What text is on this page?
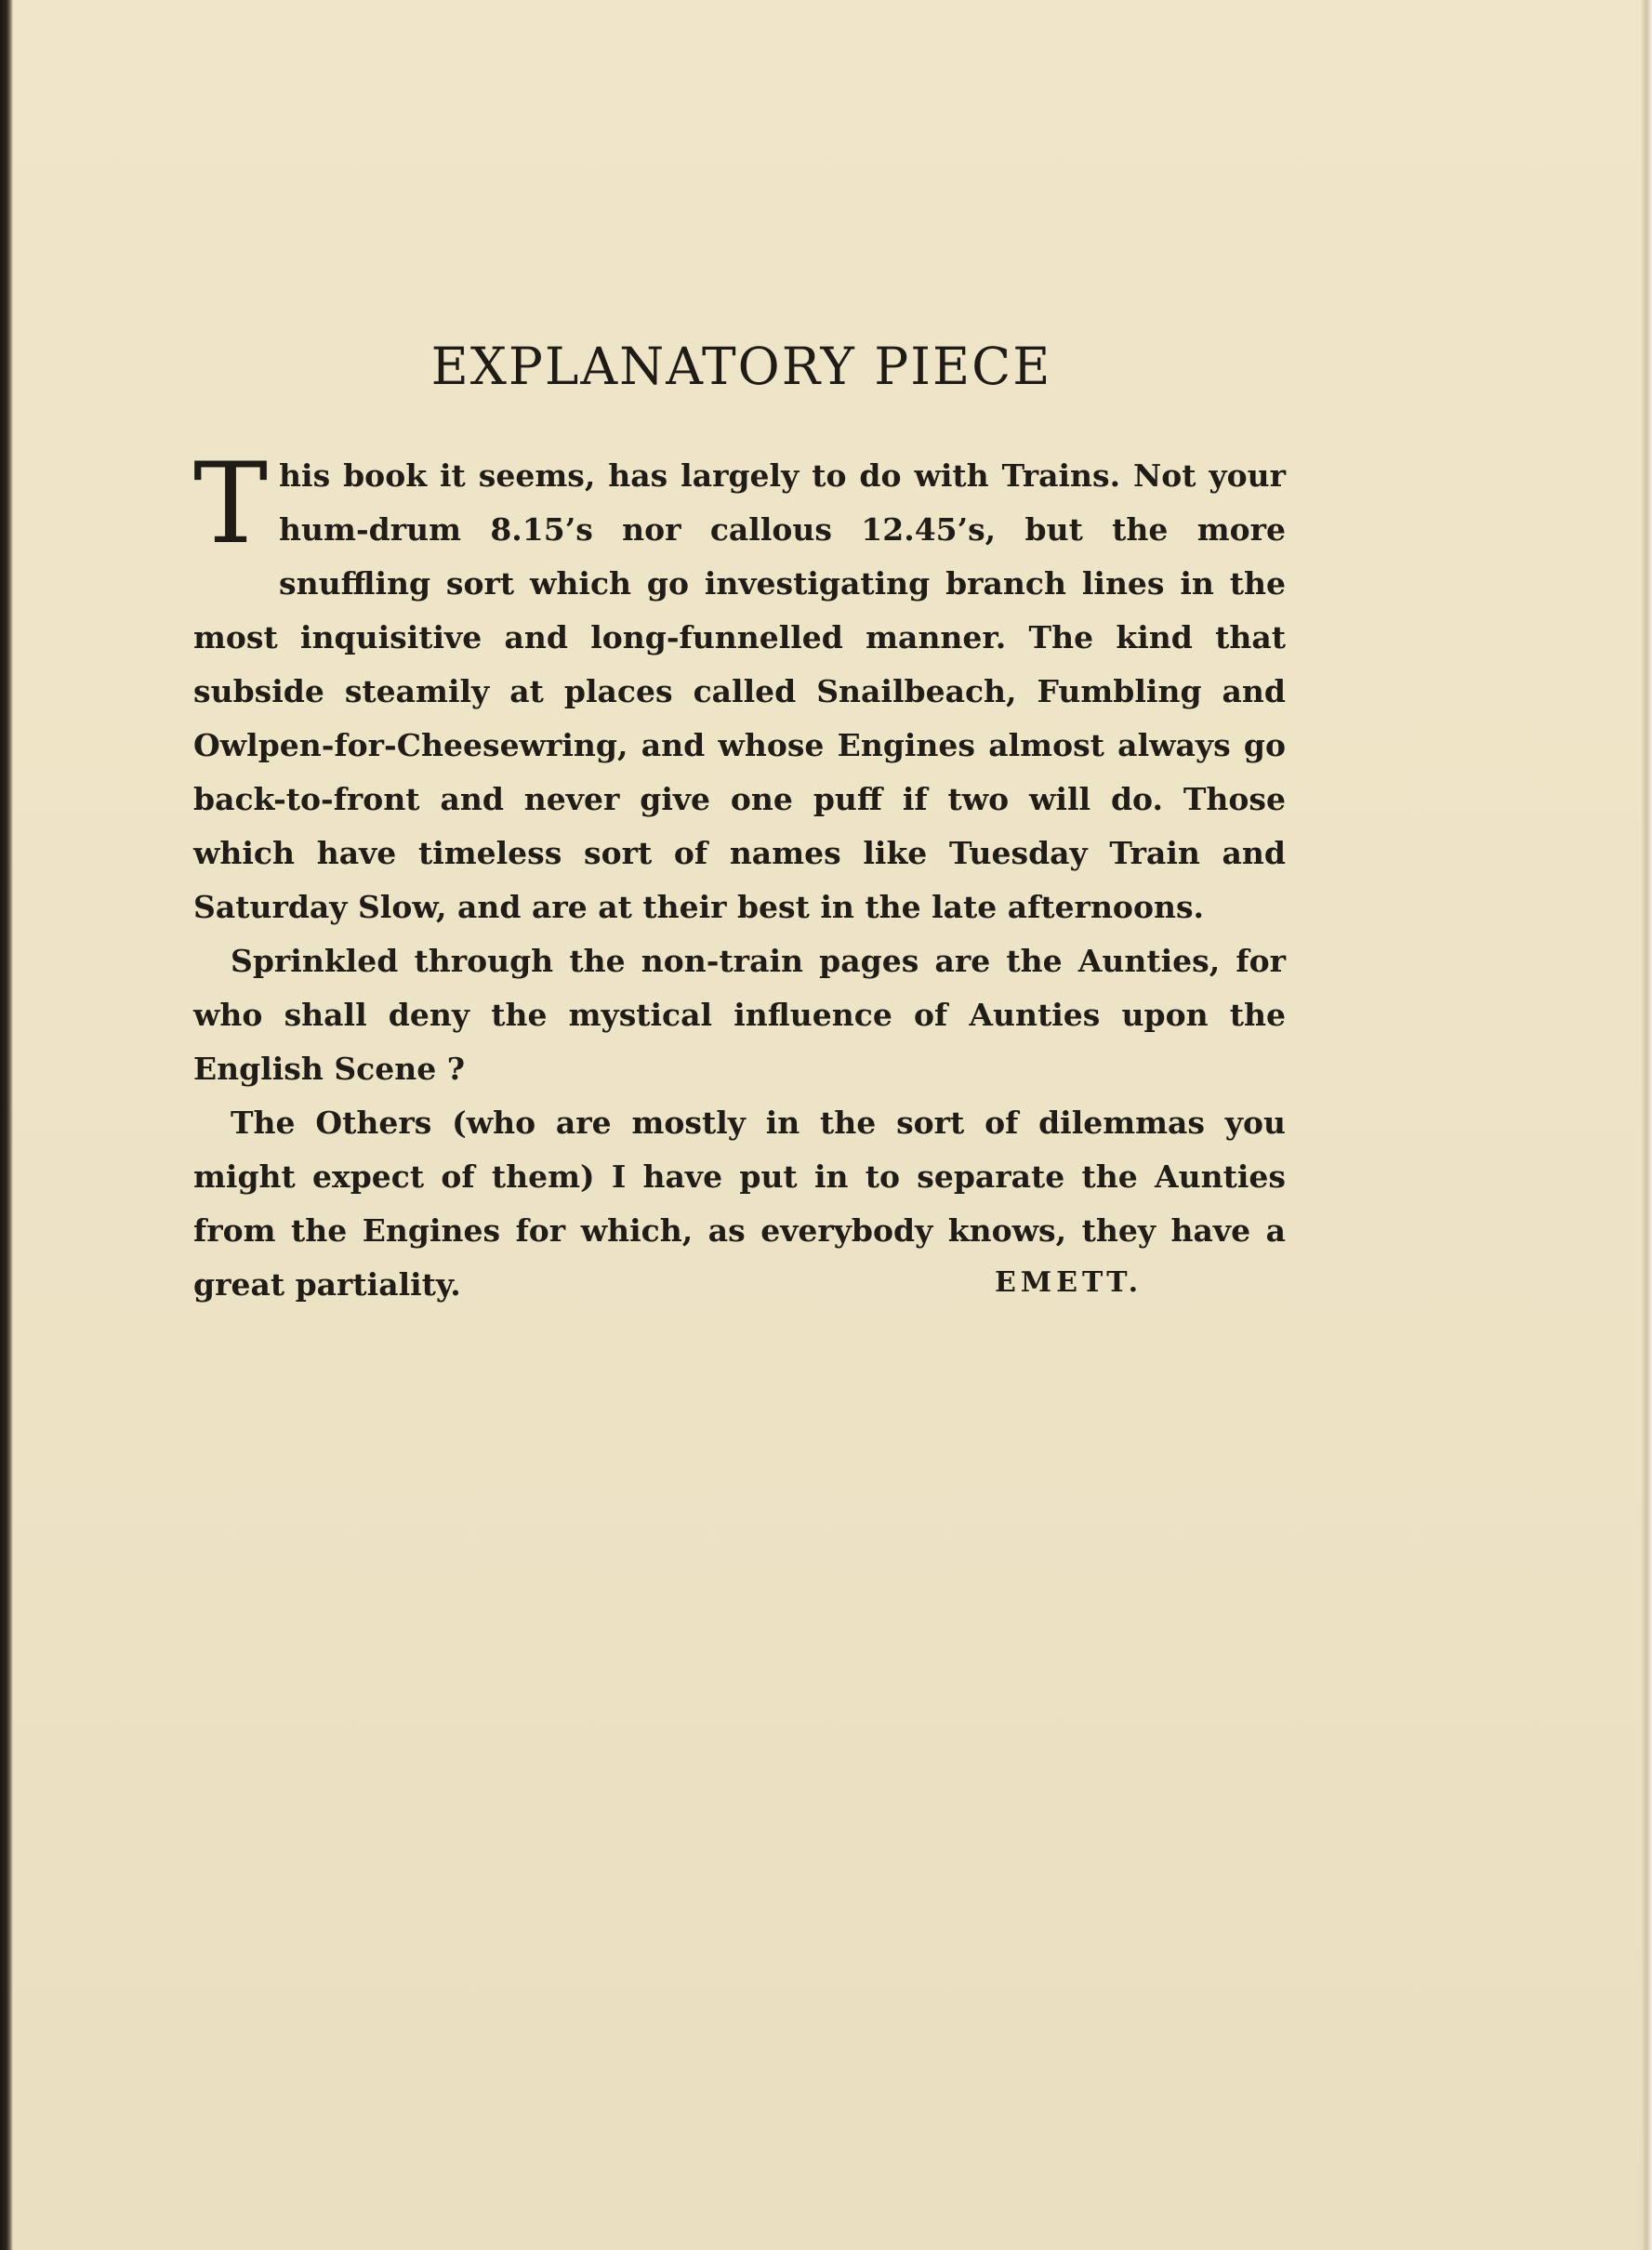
EXPLANATORY PIECE

This book it seems, has largely to do with Trains. Not your hum-drum 8.15’s nor callous 12.45’s, but the more snuffling sort which go investigating branch lines in the most inquisitive and long-funnelled manner. The kind that subside steamily at places called Snailbeach, Fumbling and Owlpen-for-Cheesewring, and whose Engines almost always go back-to-front and never give one puff if two will do. Those which have timeless sort of names like Tuesday Train and Saturday Slow, and are at their best in the late afternoons.

Sprinkled through the non-train pages are the Aunties, for who shall deny the mystical influence of Aunties upon the English Scene ?

The Others (who are mostly in the sort of dilemmas you might expect of them) I have put in to separate the Aunties from the Engines for which, as everybody knows, they have a great partiality.	EMETT.
